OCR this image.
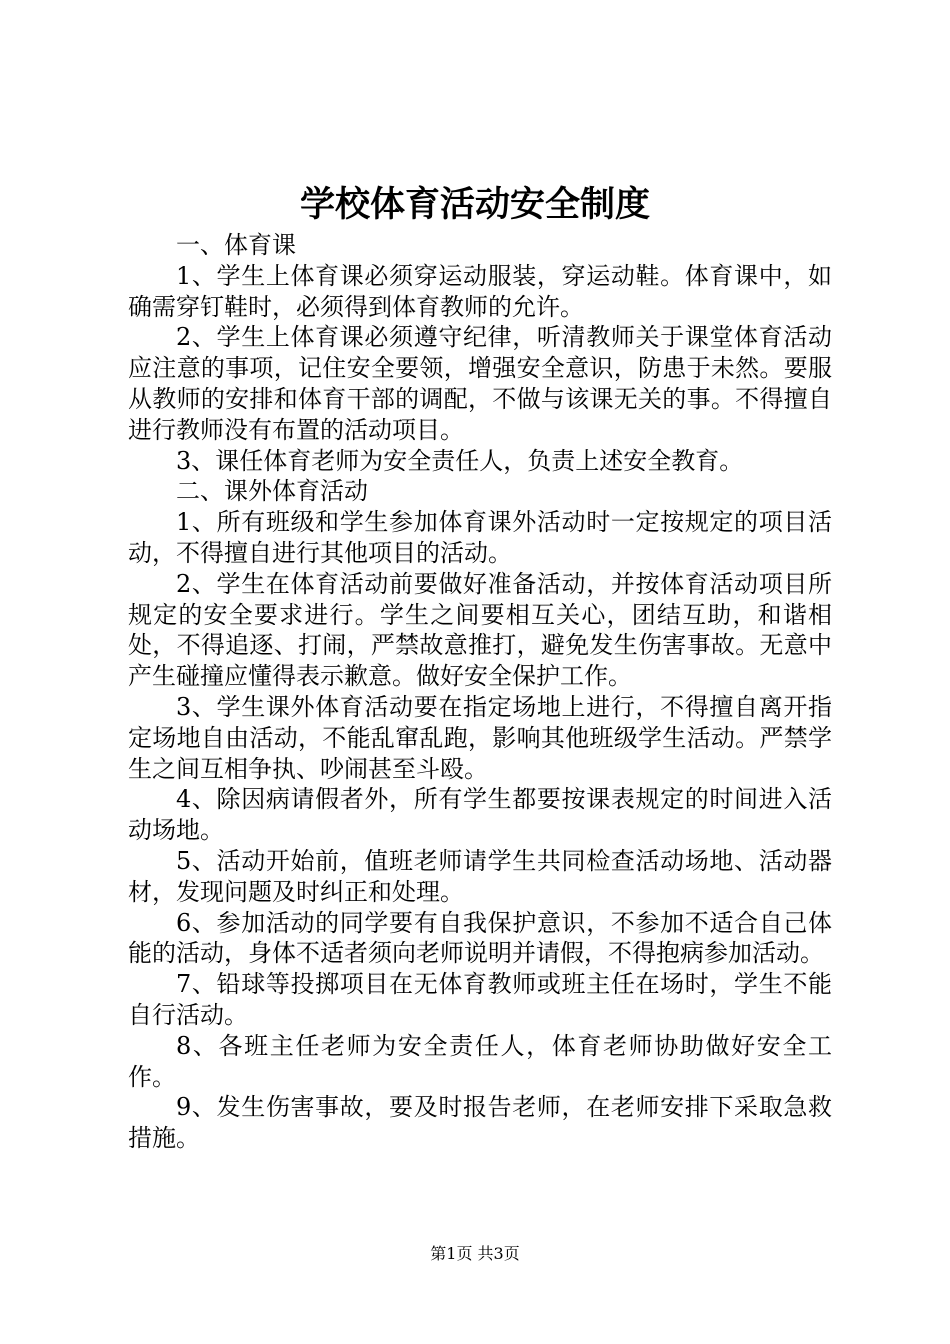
学校体育活动安全制度

一、体育课

1、学生上体育课必须穿运动服装，穿运动鞋。体育课中，如确需穿钉鞋时，必须得到体育教师的允许。

2、学生上体育课必须遵守纪律，听清教师关于课堂体育活动应注意的事项，记住安全要领，增强安全意识，防患于未然。要服从教师的安排和体育干部的调配，不做与该课无关的事。不得擅自进行教师没有布置的活动项目。

3、课任体育老师为安全责任人，负责上述安全教育。

二、课外体育活动

1、所有班级和学生参加体育课外活动时一定按规定的项目活动，不得擅自进行其他项目的活动。

2、学生在体育活动前要做好准备活动，并按体育活动项目所规定的安全要求进行。学生之间要相互关心，团结互助，和谐相处，不得追逐、打闹，严禁故意推打，避免发生伤害事故。无意中产生碰撞应懂得表示歉意。做好安全保护工作。

3、学生课外体育活动要在指定场地上进行，不得擅自离开指定场地自由活动，不能乱窜乱跑，影响其他班级学生活动。严禁学生之间互相争执、吵闹甚至斗殴。

4、除因病请假者外，所有学生都要按课表规定的时间进入活动场地。

5、活动开始前，值班老师请学生共同检查活动场地、活动器材，发现问题及时纠正和处理。

6、参加活动的同学要有自我保护意识，不参加不适合自己体能的活动，身体不适者须向老师说明并请假，不得抱病参加活动。

7、铅球等投掷项目在无体育教师或班主任在场时，学生不能自行活动。

8、各班主任老师为安全责任人，体育老师协助做好安全工作。

9、发生伤害事故，要及时报告老师，在老师安排下采取急救措施。

第1页 共3页
